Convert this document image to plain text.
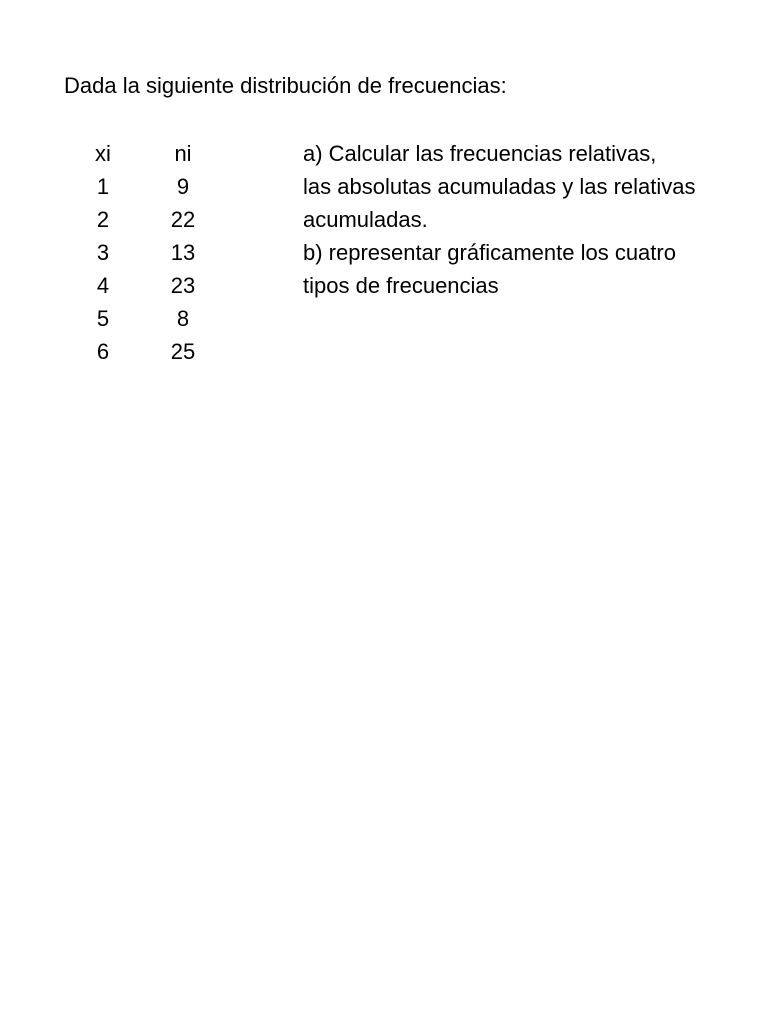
Dada la siguiente distribución de frecuencias:
xi	ni
1	9
2	22
3	13
4	23
5	8
6	25
a) Calcular las frecuencias relativas,
las absolutas acumuladas y las relativas
acumuladas.
b) representar gráficamente los cuatro
tipos de frecuencias
